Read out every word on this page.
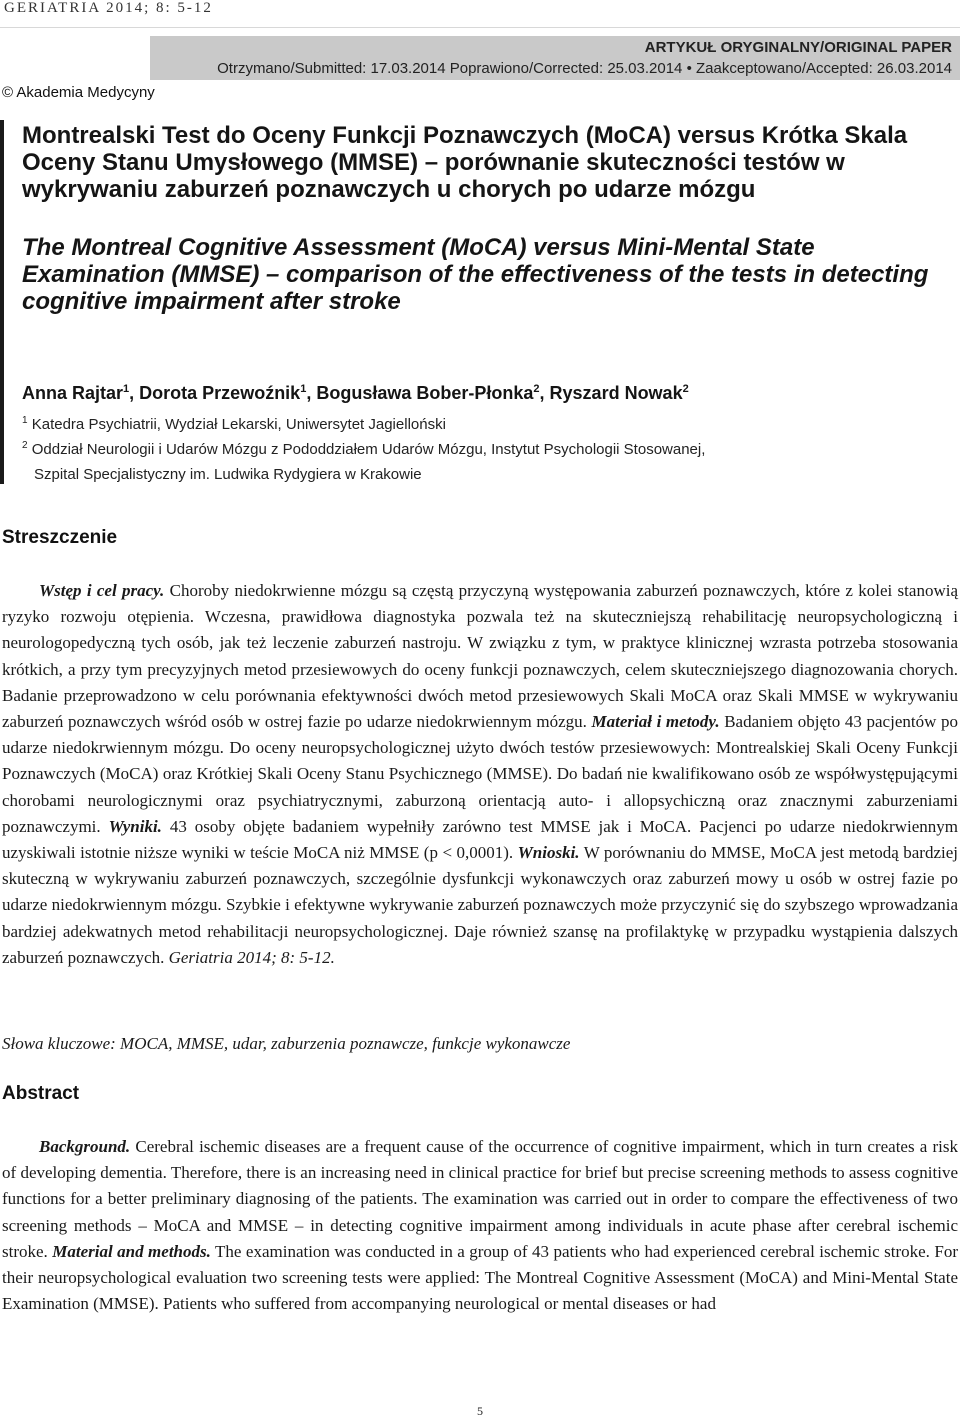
GERIATRIA 2014; 8: 5-12
ARTYKUŁ ORYGINALNY/ORIGINAL PAPER
Otrzymano/Submitted: 17.03.2014 Poprawiono/Corrected: 25.03.2014 • Zaakceptowano/Accepted: 26.03.2014
© Akademia Medycyny
Montrealski Test do Oceny Funkcji Poznawczych (MoCA) versus Krótka Skala Oceny Stanu Umysłowego (MMSE) – porównanie skuteczności testów w wykrywaniu zaburzeń poznawczych u chorych po udarze mózgu
The Montreal Cognitive Assessment (MoCA) versus Mini-Mental State Examination (MMSE) – comparison of the effectiveness of the tests in detecting cognitive impairment after stroke
Anna Rajtar$^1$, Dorota Przewoźnik$^1$, Bogusława Bober-Płonka$^2$, Ryszard Nowak$^2$
$^1$ Katedra Psychiatrii, Wydział Lekarski, Uniwersytet Jagielloński
$^2$ Oddział Neurologii i Udarów Mózgu z Pododdziałem Udarów Mózgu, Instytut Psychologii Stosowanej,
Szpital Specjalistyczny im. Ludwika Rydygiera w Krakowie
Streszczenie

Wstęp i cel pracy. Choroby niedokrwienne mózgu są częstą przyczyną występowania zaburzeń poznawczych, które z kolei stanowią ryzyko rozwoju otępienia. Wczesna, prawidłowa diagnostyka pozwala też na skuteczniejszą rehabilitację neuropsychologiczną i neurologopedyczną tych osób, jak też leczenie zaburzeń nastroju. W związku z tym, w praktyce klinicznej wzrasta potrzeba stosowania krótkich, a przy tym precyzyjnych metod przesiewowych do oceny funkcji poznawczych, celem skuteczniejszego diagnozowania chorych. Badanie przeprowadzono w celu porównania efektywności dwóch metod przesiewowych Skali MoCA oraz Skali MMSE w wykrywaniu zaburzeń poznawczych wśród osób w ostrej fazie po udarze niedokrwiennym mózgu. Materiał i metody. Badaniem objęto 43 pacjentów po udarze niedokrwiennym mózgu. Do oceny neuropsychologicznej użyto dwóch testów przesiewowych: Montrealskiej Skali Oceny Funkcji Poznawczych (MoCA) oraz Krótkiej Skali Oceny Stanu Psychicznego (MMSE). Do badań nie kwalifikowano osób ze współwystępującymi chorobami neurologicznymi oraz psychiatrycznymi, zaburzoną orientacją auto- i allopsychiczną oraz znacznymi zaburzeniami poznawczymi. Wyniki. 43 osoby objęte badaniem wypełniły zarówno test MMSE jak i MoCA. Pacjenci po udarze niedokrwiennym uzyskiwali istotnie niższe wyniki w teście MoCA niż MMSE (p < 0,0001). Wnioski. W porównaniu do MMSE, MoCA jest metodą bardziej skuteczną w wykrywaniu zaburzeń poznawczych, szczególnie dysfunkcji wykonawczych oraz zaburzeń mowy u osób w ostrej fazie po udarze niedokrwiennym mózgu. Szybkie i efektywne wykrywanie zaburzeń poznawczych może przyczynić się do szybszego wprowadzania bardziej adekwatnych metod rehabilitacji neuropsychologicznej. Daje również szansę na profilaktykę w przypadku wystąpienia dalszych zaburzeń poznawczych. Geriatria 2014; 8: 5-12.

Słowa kluczowe: MOCA, MMSE, udar, zaburzenia poznawcze, funkcje wykonawcze
Abstract

Background. Cerebral ischemic diseases are a frequent cause of the occurrence of cognitive impairment, which in turn creates a risk of developing dementia. Therefore, there is an increasing need in clinical practice for brief but precise screening methods to assess cognitive functions for a better preliminary diagnosing of the patients. The examination was carried out in order to compare the effectiveness of two screening methods – MoCA and MMSE – in detecting cognitive impairment among individuals in acute phase after cerebral ischemic stroke. Material and methods. The examination was conducted in a group of 43 patients who had experienced cerebral ischemic stroke. For their neuropsychological evaluation two screening tests were applied: The Montreal Cognitive Assessment (MoCA) and Mini-Mental State Examination (MMSE). Patients who suffered from accompanying neurological or mental diseases or had

5
